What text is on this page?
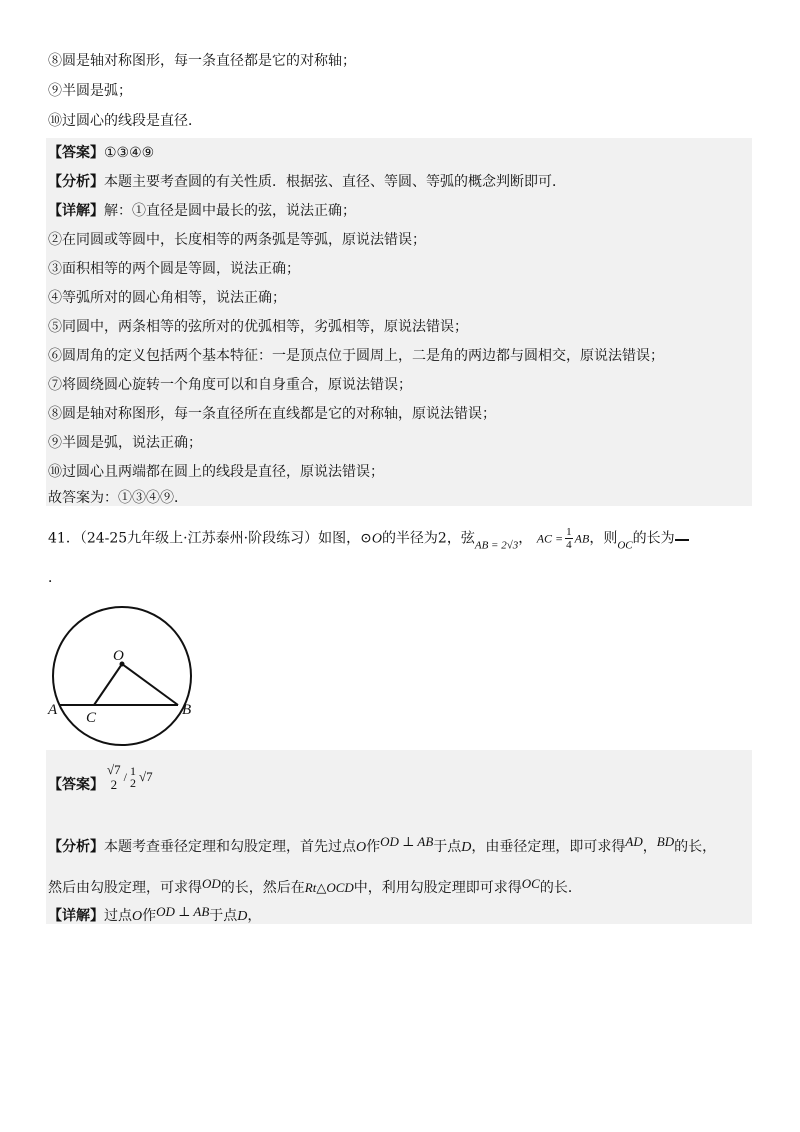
⑧圆是轴对称图形，每一条直径都是它的对称轴；
⑨半圆是弧；
⑩过圆心的线段是直径．
【答案】①③④⑨
【分析】本题主要考查圆的有关性质．根据弦、直径、等圆、等弧的概念判断即可．
【详解】解：①直径是圆中最长的弦，说法正确；
②在同圆或等圆中，长度相等的两条弧是等弧，原说法错误；
③面积相等的两个圆是等圆，说法正确；
④等弧所对的圆心角相等，说法正确；
⑤同圆中，两条相等的弦所对的优弧相等，劣弧相等，原说法错误；
⑥圆周角的定义包括两个基本特征：一是顶点位于圆周上，二是角的两边都与圆相交，原说法错误；
⑦将圆绕圆心旋转一个角度可以和自身重合，原说法错误；
⑧圆是轴对称图形，每一条直径所在直线都是它的对称轴，原说法错误；
⑨半圆是弧，说法正确；
⑩过圆心且两端都在圆上的线段是直径，原说法错误；
故答案为：①③④⑨．
41．（24-25九年级上·江苏泰州·阶段练习）如图，⊙O的半径为2，弦$_{AB = 2√3}$， AC = $\frac{1}{4}$ AB，则$_{OC}$的长为
．
O
A C	B
【答案】
√7
2 / 1
2 √7
【分析】本题考查垂径定理和勾股定理，首先过点O作OD ⊥ AB于点D，由垂径定理，即可求得AD，BD的长，
然后由勾股定理，可求得OD的长，然后在Rt△OCD中，利用勾股定理即可求得OC的长．
【详解】过点O作OD ⊥ AB于点D，
